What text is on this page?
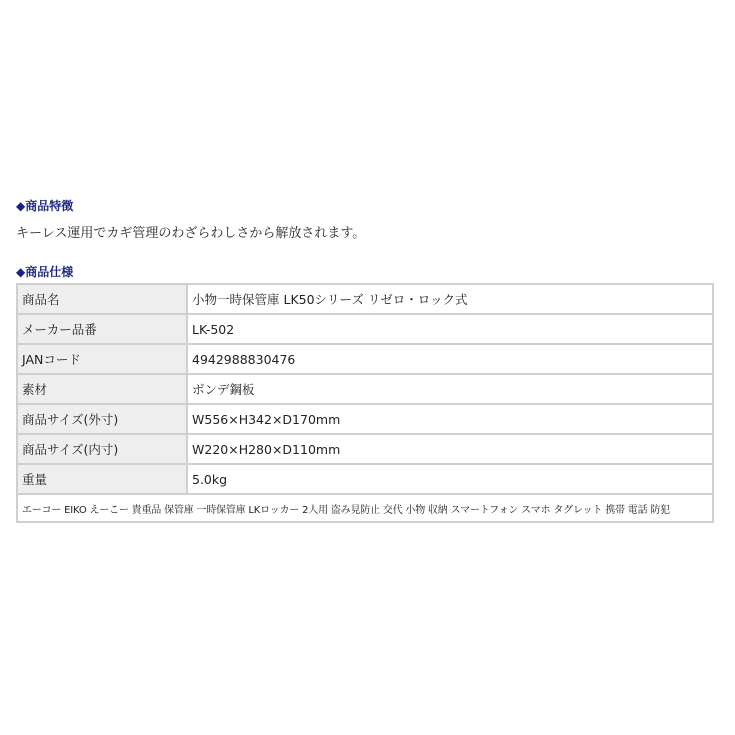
◆商品特徴
キーレス運用でカギ管理のわざらわしさから解放されます。
◆商品仕様
商品名	小物一時保管庫 LK50シリーズ リゼロ・ロック式
メーカー品番	LK-502
JANコード	4942988830476
素材	ボンデ鋼板
商品サイズ(外寸)	W556×H342×D170mm
商品サイズ(内寸)	W220×H280×D110mm
重量	5.0kg
エーコー EIKO えーこー 貴重品 保管庫 一時保管庫 LKロッカー 2人用 盗み見防止 交代 小物 収納 スマートフォン スマホ タグレット 携帯 電話 防犯	
